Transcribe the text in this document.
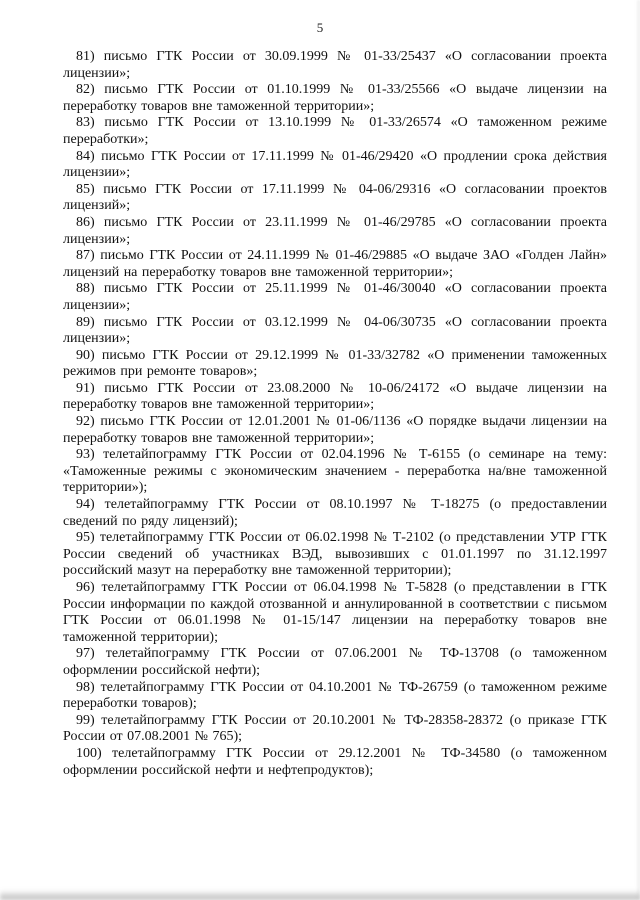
5

81) письмо ГТК России от 30.09.1999 № 01-33/25437 «О согласовании проекта лицензии»;

82) письмо ГТК России от 01.10.1999 № 01-33/25566 «О выдаче лицензии на переработку товаров вне таможенной территории»;

83) письмо ГТК России от 13.10.1999 № 01-33/26574 «О таможенном режиме переработки»;

84) письмо ГТК России от 17.11.1999 № 01-46/29420 «О продлении срока действия лицензии»;

85) письмо ГТК России от 17.11.1999 № 04-06/29316 «О согласовании проектов лицензий»;

86) письмо ГТК России от 23.11.1999 № 01-46/29785 «О согласовании проекта лицензии»;

87) письмо ГТК России от 24.11.1999 № 01-46/29885 «О выдаче ЗАО «Голден Лайн» лицензий на переработку товаров вне таможенной территории»;

88) письмо ГТК России от 25.11.1999 № 01-46/30040 «О согласовании проекта лицензии»;

89) письмо ГТК России от 03.12.1999 № 04-06/30735 «О согласовании проекта лицензии»;

90) письмо ГТК России от 29.12.1999 № 01-33/32782 «О применении таможенных режимов при ремонте товаров»;

91) письмо ГТК России от 23.08.2000 № 10-06/24172 «О выдаче лицензии на переработку товаров вне таможенной территории»;

92) письмо ГТК России от 12.01.2001 № 01-06/1136 «О порядке выдачи лицензии на переработку товаров вне таможенной территории»;

93) телетайпограмму ГТК России от 02.04.1996 № Т-6155 (о семинаре на тему: «Таможенные режимы с экономическим значением - переработка на/вне таможенной территории»);

94) телетайпограмму ГТК России от 08.10.1997 № Т-18275 (о предоставлении сведений по ряду лицензий);

95) телетайпограмму ГТК России от 06.02.1998 № Т-2102 (о представлении УТР ГТК России сведений об участниках ВЭД, вывозивших с 01.01.1997 по 31.12.1997 российский мазут на переработку вне таможенной территории);

96) телетайпограмму ГТК России от 06.04.1998 № Т-5828 (о представлении в ГТК России информации по каждой отозванной и аннулированной в соответствии с письмом ГТК России от 06.01.1998 № 01-15/147 лицензии на переработку товаров вне таможенной территории);

97) телетайпограмму ГТК России от 07.06.2001 № ТФ-13708 (о таможенном оформлении российской нефти);

98) телетайпограмму ГТК России от 04.10.2001 № ТФ-26759 (о таможенном режиме переработки товаров);

99) телетайпограмму ГТК России от 20.10.2001 № ТФ-28358-28372 (о приказе ГТК России от 07.08.2001 № 765);

100) телетайпограмму ГТК России от 29.12.2001 № ТФ-34580 (о таможенном оформлении российской нефти и нефтепродуктов);
